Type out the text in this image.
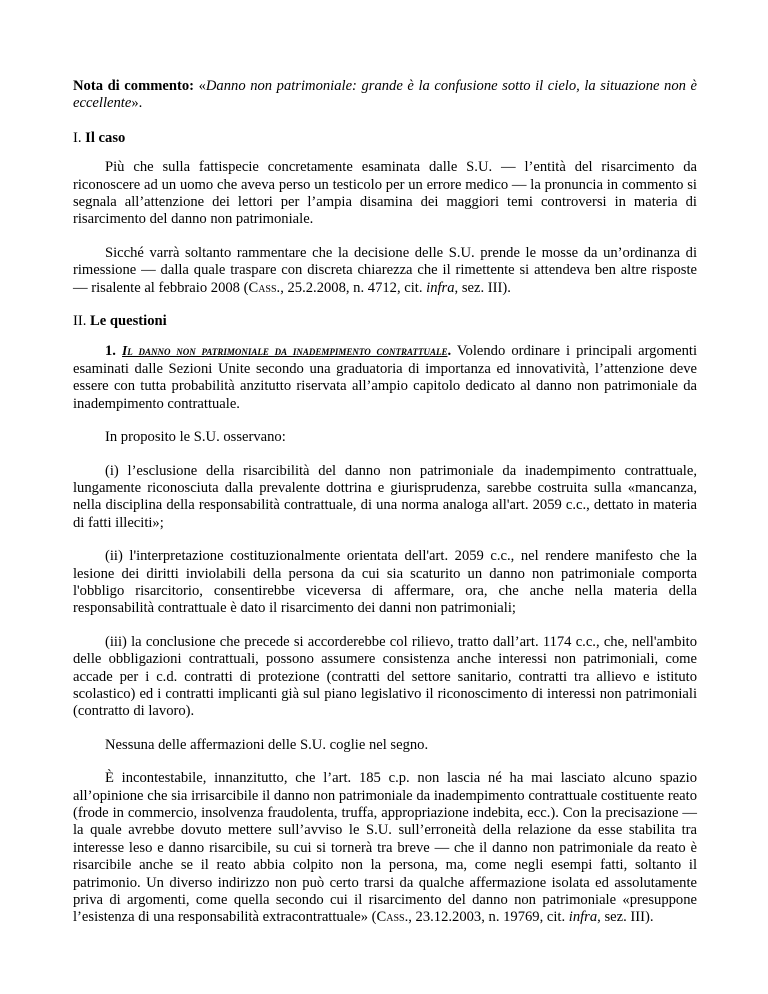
Nota di commento: «Danno non patrimoniale: grande è la confusione sotto il cielo, la situazione non è eccellente».

I. Il caso

Più che sulla fattispecie concretamente esaminata dalle S.U. — l’entità del risarcimento da riconoscere ad un uomo che aveva perso un testicolo per un errore medico — la pronuncia in commento si segnala all’attenzione dei lettori per l’ampia disamina dei maggiori temi controversi in materia di risarcimento del danno non patrimoniale.

Sicché varrà soltanto rammentare che la decisione delle S.U. prende le mosse da un’ordinanza di rimessione — dalla quale traspare con discreta chiarezza che il rimettente si attendeva ben altre risposte — risalente al febbraio 2008 (Cass., 25.2.2008, n. 4712, cit. infra, sez. III).

II. Le questioni

1. Il danno non patrimoniale da inadempimento contrattuale. Volendo ordinare i principali argomenti esaminati dalle Sezioni Unite secondo una graduatoria di importanza ed innovatività, l’attenzione deve essere con tutta probabilità anzitutto riservata all’ampio capitolo dedicato al danno non patrimoniale da inadempimento contrattuale.

In proposito le S.U. osservano:

(i) l’esclusione della risarcibilità del danno non patrimoniale da inadempimento contrattuale, lungamente riconosciuta dalla prevalente dottrina e giurisprudenza, sarebbe costruita sulla «mancanza, nella disciplina della responsabilità contrattuale, di una norma analoga all'art. 2059 c.c., dettato in materia di fatti illeciti»;

(ii) l'interpretazione costituzionalmente orientata dell'art. 2059 c.c., nel rendere manifesto che la lesione dei diritti inviolabili della persona da cui sia scaturito un danno non patrimoniale comporta l'obbligo risarcitorio, consentirebbe viceversa di affermare, ora, che anche nella materia della responsabilità contrattuale è dato il risarcimento dei danni non patrimoniali;

(iii) la conclusione che precede si accorderebbe col rilievo, tratto dall’art. 1174 c.c., che, nell'ambito delle obbligazioni contrattuali, possono assumere consistenza anche interessi non patrimoniali, come accade per i c.d. contratti di protezione (contratti del settore sanitario, contratti tra allievo e istituto scolastico) ed i contratti implicanti già sul piano legislativo il riconoscimento di interessi non patrimoniali (contratto di lavoro).

Nessuna delle affermazioni delle S.U. coglie nel segno.

È incontestabile, innanzitutto, che l’art. 185 c.p. non lascia né ha mai lasciato alcuno spazio all’opinione che sia irrisarcibile il danno non patrimoniale da inadempimento contrattuale costituente reato (frode in commercio, insolvenza fraudolenta, truffa, appropriazione indebita, ecc.). Con la precisazione — la quale avrebbe dovuto mettere sull’avviso le S.U. sull’erroneità della relazione da esse stabilita tra interesse leso e danno risarcibile, su cui si tornerà tra breve — che il danno non patrimoniale da reato è risarcibile anche se il reato abbia colpito non la persona, ma, come negli esempi fatti, soltanto il patrimonio. Un diverso indirizzo non può certo trarsi da qualche affermazione isolata ed assolutamente priva di argomenti, come quella secondo cui il risarcimento del danno non patrimoniale «presuppone l’esistenza di una responsabilità extracontrattuale» (Cass., 23.12.2003, n. 19769, cit. infra, sez. III).
